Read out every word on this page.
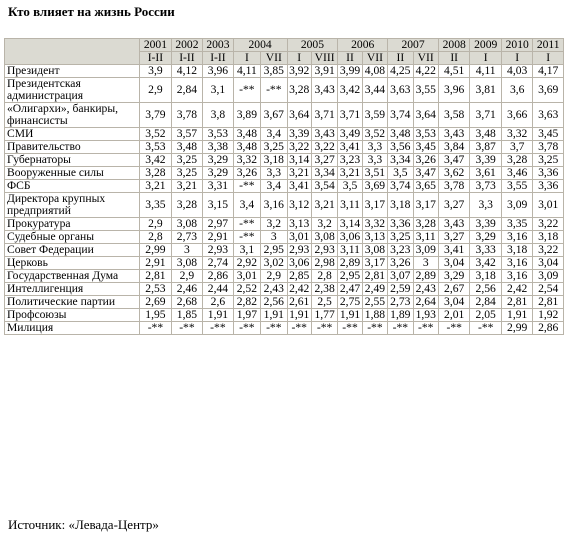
Кто влияет на жизнь России
	2001	2002	2003	2004		2005		2006		2007		2008	2009	2010	2011
	I-II	I-II	I-II	I	VII	I	VIII	II	VII	II	VII	II	I	I	I
Президент	3,9	4,12	3,96	4,11	3,85	3,92	3,91	3,99	4,08	4,25	4,22	4,51	4,11	4,03	4,17
Президентская администрация	2,9	2,84	3,1	-**	-**	3,28	3,43	3,42	3,44	3,63	3,55	3,96	3,81	3,6	3,69
«Олигархи», банкиры, финансисты	3,79	3,78	3,8	3,89	3,67	3,64	3,71	3,71	3,59	3,74	3,64	3,58	3,71	3,66	3,63
СМИ	3,52	3,57	3,53	3,48	3,4	3,39	3,43	3,49	3,52	3,48	3,53	3,43	3,48	3,32	3,45
Правительство	3,53	3,48	3,38	3,48	3,25	3,22	3,22	3,41	3,3	3,56	3,45	3,84	3,87	3,7	3,78
Губернаторы	3,42	3,25	3,29	3,32	3,18	3,14	3,27	3,23	3,3	3,34	3,26	3,47	3,39	3,28	3,25
Вооруженные силы	3,28	3,25	3,29	3,26	3,3	3,21	3,34	3,21	3,51	3,5	3,47	3,62	3,61	3,46	3,36
ФСБ	3,21	3,21	3,31	-**	3,4	3,41	3,54	3,5	3,69	3,74	3,65	3,78	3,73	3,55	3,36
Директора крупных предприятий	3,35	3,28	3,15	3,4	3,16	3,12	3,21	3,11	3,17	3,18	3,17	3,27	3,3	3,09	3,01
Прокуратура	2,9	3,08	2,97	-**	3,2	3,13	3,2	3,14	3,32	3,36	3,28	3,43	3,39	3,35	3,22
Судебные органы	2,8	2,73	2,91	-**	3	3,01	3,08	3,06	3,13	3,25	3,11	3,27	3,29	3,16	3,18
Совет Федерации	2,99	3	2,93	3,1	2,95	2,93	2,93	3,11	3,08	3,23	3,09	3,41	3,33	3,18	3,22
Церковь	2,91	3,08	2,74	2,92	3,02	3,06	2,98	2,89	3,17	3,26	3	3,04	3,42	3,16	3,04
Государственная Дума	2,81	2,9	2,86	3,01	2,9	2,85	2,8	2,95	2,81	3,07	2,89	3,29	3,18	3,16	3,09
Интеллигенция	2,53	2,46	2,44	2,52	2,43	2,42	2,38	2,47	2,49	2,59	2,43	2,67	2,56	2,42	2,54
Политические партии	2,69	2,68	2,6	2,82	2,56	2,61	2,5	2,75	2,55	2,73	2,64	3,04	2,84	2,81	2,81
Профсоюзы	1,95	1,85	1,91	1,97	1,91	1,91	1,77	1,91	1,88	1,89	1,93	2,01	2,05	1,91	1,92
Милиция	-**	-**	-**	-**	-**	-**	-**	-**	-**	-**	-**	-**	-**	2,99	2,86
Источник: «Левада-Центр»
